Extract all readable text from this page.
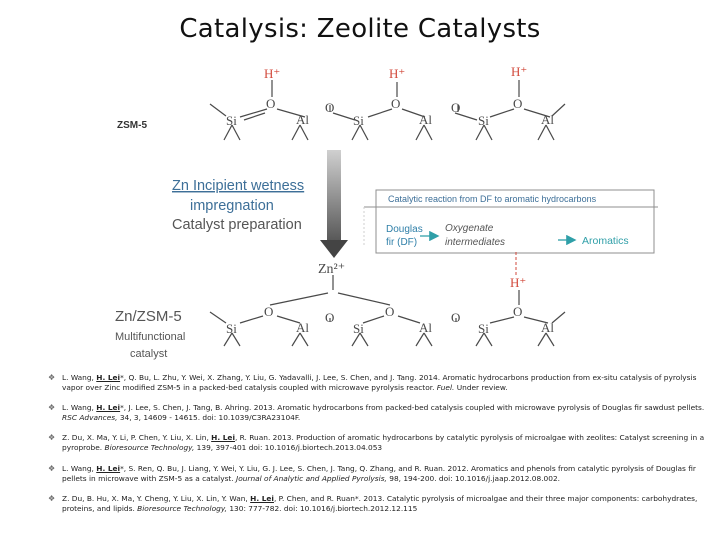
Catalysis: Zeolite Catalysts
H⁺	H⁺	H⁺
O	O	O
O	O
Si	Al	Si	Al	Si	Al
ZSM-5
Zn Incipient wetness
impregnation
Catalyst preparation
Zn²⁺
Catalytic reaction from DF to aromatic hydrocarbons
Douglas
fir (DF)
Oxygenate
intermediates	Aromatics
H⁺
O	O	O
O	O
Si	Al	Si	Al	Si	Al
Zn/ZSM-5
Multifunctional
catalyst
❖ L. Wang, H. Lei*, Q. Bu, L. Zhu, Y. Wei, X. Zhang, Y. Liu, G. Yadavalli, J. Lee, S. Chen, and J. Tang. 2014. Aromatic hydrocarbons production from ex-situ catalysis of pyrolysis vapor over Zinc modified ZSM-5 in a packed-bed catalysis coupled with microwave pyrolysis reactor. Fuel. Under review.
❖ L. Wang, H. Lei*, J. Lee, S. Chen, J. Tang, B. Ahring. 2013. Aromatic hydrocarbons from packed-bed catalysis coupled with microwave pyrolysis of Douglas fir sawdust pellets. RSC Advances, 34, 3, 14609 - 14615. doi: 10.1039/C3RA23104F.
❖ Z. Du, X. Ma, Y. Li, P. Chen, Y. Liu, X. Lin, H. Lei, R. Ruan. 2013. Production of aromatic hydrocarbons by catalytic pyrolysis of microalgae with zeolites: Catalyst screening in a pyroprobe. Bioresource Technology, 139, 397-401 doi: 10.1016/j.biortech.2013.04.053
❖ L. Wang, H. Lei*, S. Ren, Q. Bu, J. Liang, Y. Wei, Y. Liu, G. J. Lee, S. Chen, J. Tang, Q. Zhang, and R. Ruan. 2012. Aromatics and phenols from catalytic pyrolysis of Douglas fir pellets in microwave with ZSM-5 as a catalyst. Journal of Analytic and Applied Pyrolysis, 98, 194-200. doi: 10.1016/j.jaap.2012.08.002.
❖ Z. Du, B. Hu, X. Ma, Y. Cheng, Y. Liu, X. Lin, Y. Wan, H. Lei, P. Chen, and R. Ruan*. 2013. Catalytic pyrolysis of microalgae and their three major components: carbohydrates, proteins, and lipids. Bioresource Technology, 130: 777-782. doi: 10.1016/j.biortech.2012.12.115
